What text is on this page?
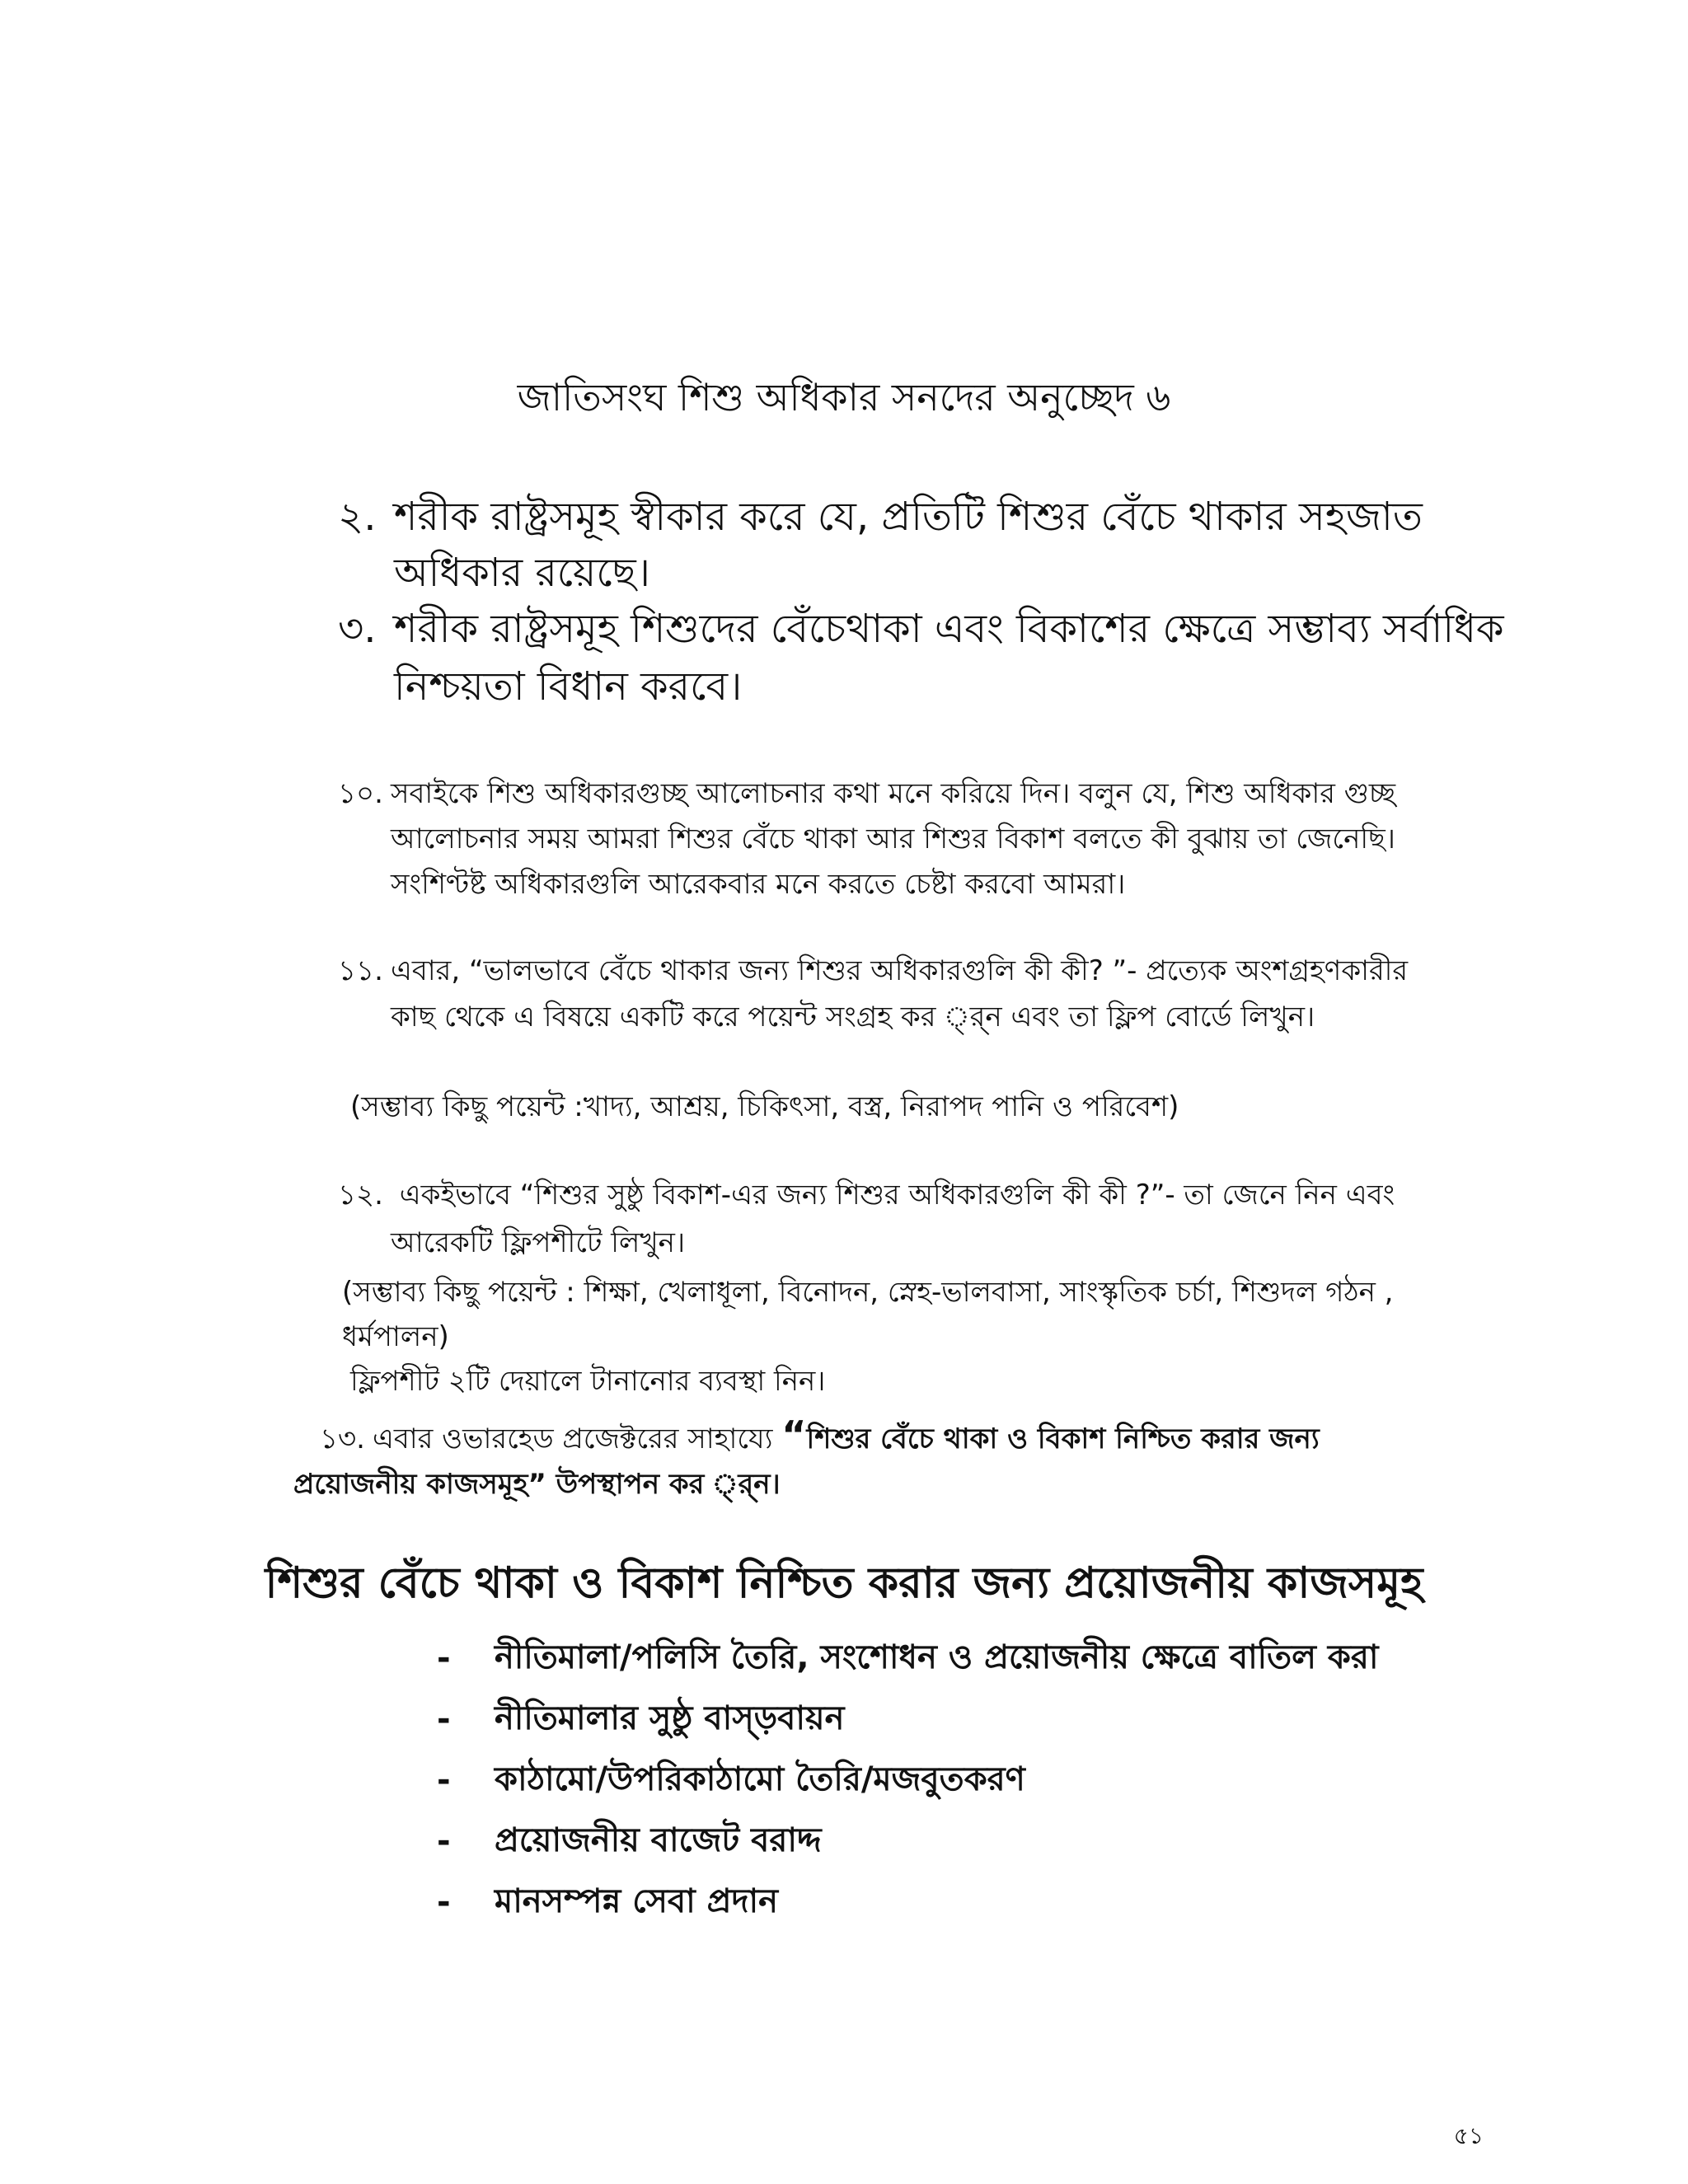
জাতিসংঘ শিশু অধিকার সনদের অনুচ্ছেদ ৬
২. শরীক রাষ্ট্রসমূহ স্বীকার করে যে, প্রতিটি শিশুর বেঁচে থাকার সহজাত
অধিকার রয়েছে।
৩. শরীক রাষ্ট্রসমূহ শিশুদের বেঁচেথাকা এবং বিকাশের ক্ষেত্রে সম্ভাব্য সর্বাধিক
নিশ্চয়তা বিধান করবে।
১০. সবাইকে শিশু অধিকারগুচ্ছ আলোচনার কথা মনে করিয়ে দিন। বলুন যে, শিশু অধিকার গুচ্ছ
আলোচনার সময় আমরা শিশুর বেঁচে থাকা আর শিশুর বিকাশ বলতে কী বুঝায় তা জেনেছি।
সংশিণ্টষ্ট অধিকারগুলি আরেকবার মনে করতে চেষ্টা করবো আমরা।
১১. এবার, “ভালভাবে বেঁচে থাকার জন্য শিশুর অধিকারগুলি কী কী? ”- প্রত্যেক অংশগ্রহণকারীর
কাছ থেকে এ বিষয়ে একটি করে পয়েন্ট সংগ্রহ কর ্র্ন এবং তা ফ্লিপ বোর্ডে লিখুন।
(সম্ভাব্য কিছু পয়েন্ট :খাদ্য, আশ্রয়, চিকিৎসা, বস্ত্র, নিরাপদ পানি ও পরিবেশ)
১২. একইভাবে “শিশুর সুষ্ঠু বিকাশ-এর জন্য শিশুর অধিকারগুলি কী কী ?”- তা জেনে নিন এবং
আরেকটি ফ্লিপশীটে লিখুন।
(সম্ভাব্য কিছু পয়েন্ট : শিক্ষা, খেলাধূলা, বিনোদন, স্নেহ-ভালবাসা, সাংস্কৃতিক চর্চা, শিশুদল গঠন ,
ধর্মপালন)
ফ্লিপশীট ২টি দেয়ালে টানানোর ব্যবস্থা নিন।
১৩. এবার ওভারহেড প্রজেক্টরের সাহায্যে “শিশুর বেঁচে থাকা ও বিকাশ নিশ্চিত করার জন্য
প্রয়োজনীয় কাজসমূহ” উপস্থাপন কর ্র্ন।
শিশুর বেঁচে থাকা ও বিকাশ নিশ্চিত করার জন্য প্রয়োজনীয় কাজসমূহ
-	নীতিমালা/পলিসি তৈরি, সংশোধন ও প্রয়োজনীয় ক্ষেত্রে বাতিল করা
-	নীতিমালার সুষ্ঠু বাস্ড়বায়ন
-	কাঠামো/উপরিকাঠামো তৈরি/মজবুতকরণ
-	প্রয়োজনীয় বাজেট বরাদ্দ
-	মানসম্পন্ন সেবা প্রদান
৫১
